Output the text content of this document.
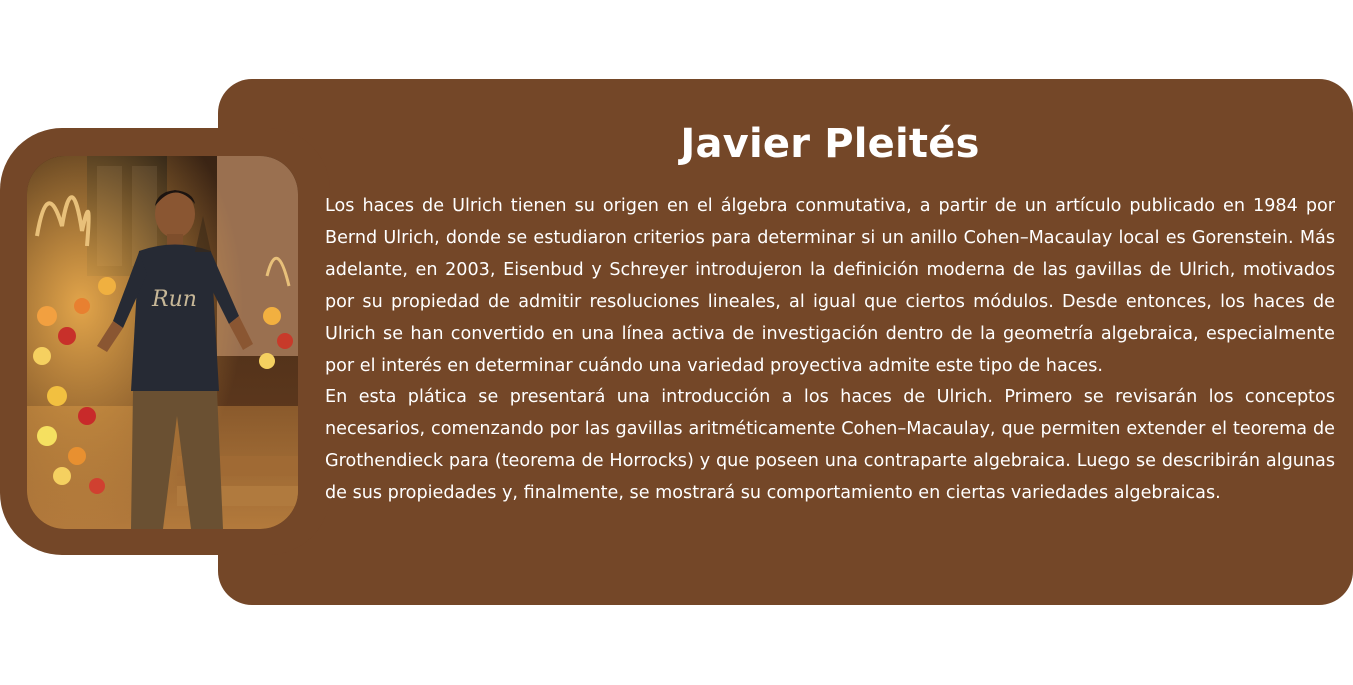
Run
Javier Pleités

Los haces de Ulrich tienen su origen en el álgebra conmutativa, a partir de un artículo publicado en 1984 por Bernd Ulrich, donde se estudiaron criterios para determinar si un anillo Cohen–Macaulay local es Gorenstein. Más adelante, en 2003, Eisenbud y Schreyer introdujeron la definición moderna de las gavillas de Ulrich, motivados por su propiedad de admitir resoluciones lineales, al igual que ciertos módulos. Desde entonces, los haces de Ulrich se han convertido en una línea activa de investigación dentro de la geometría algebraica, especialmente por el interés en determinar cuándo una variedad proyectiva admite este tipo de haces.

En esta plática se presentará una introducción a los haces de Ulrich. Primero se revisarán los conceptos necesarios, comenzando por las gavillas aritméticamente Cohen–Macaulay, que permiten extender el teorema de Grothendieck para (teorema de Horrocks) y que poseen una contraparte algebraica. Luego se describirán algunas de sus propiedades y, finalmente, se mostrará su comportamiento en ciertas variedades algebraicas.
